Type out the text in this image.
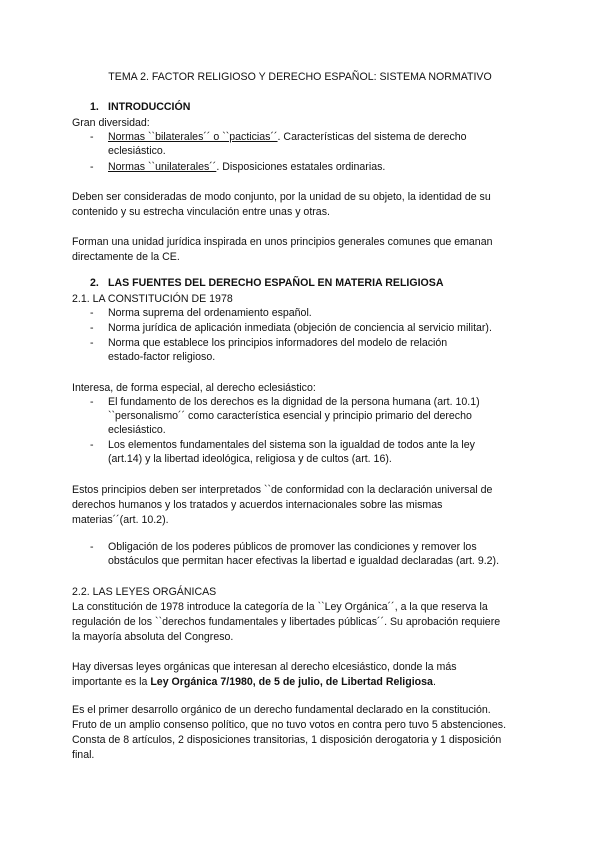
TEMA 2. FACTOR RELIGIOSO Y DERECHO ESPAÑOL: SISTEMA NORMATIVO
1. INTRODUCCIÓN
Gran diversidad:
- Normas ``bilaterales´´ o ``pacticias´´. Características del sistema de derecho
eclesiástico.
- Normas ``unilaterales´´. Disposiciones estatales ordinarias.
Deben ser consideradas de modo conjunto, por la unidad de su objeto, la identidad de su
contenido y su estrecha vinculación entre unas y otras.
Forman una unidad jurídica inspirada en unos principios generales comunes que emanan
directamente de la CE.
2. LAS FUENTES DEL DERECHO ESPAÑOL EN MATERIA RELIGIOSA
2.1. LA CONSTITUCIÓN DE 1978
- Norma suprema del ordenamiento español.
- Norma jurídica de aplicación inmediata (objeción de conciencia al servicio militar).
- Norma que establece los principios informadores del modelo de relación
estado-factor religioso.
Interesa, de forma especial, al derecho eclesiástico:
- El fundamento de los derechos es la dignidad de la persona humana (art. 10.1)
``personalismo´´ como característica esencial y principio primario del derecho
eclesiástico.
- Los elementos fundamentales del sistema son la igualdad de todos ante la ley
(art.14) y la libertad ideológica, religiosa y de cultos (art. 16).
Estos principios deben ser interpretados ``de conformidad con la declaración universal de
derechos humanos y los tratados y acuerdos internacionales sobre las mismas
materias´´(art. 10.2).
- Obligación de los poderes públicos de promover las condiciones y remover los
obstáculos que permitan hacer efectivas la libertad e igualdad declaradas (art. 9.2).
2.2. LAS LEYES ORGÁNICAS
La constitución de 1978 introduce la categoría de la ``Ley Orgánica´´, a la que reserva la
regulación de los ``derechos fundamentales y libertades públicas´´. Su aprobación requiere
la mayoría absoluta del Congreso.
Hay diversas leyes orgánicas que interesan al derecho elcesiástico, donde la más
importante es la Ley Orgánica 7/1980, de 5 de julio, de Libertad Religiosa.
Es el primer desarrollo orgánico de un derecho fundamental declarado en la constitución.
Fruto de un amplio consenso político, que no tuvo votos en contra pero tuvo 5 abstenciones.
Consta de 8 artículos, 2 disposiciones transitorias, 1 disposición derogatoria y 1 disposición
final.
